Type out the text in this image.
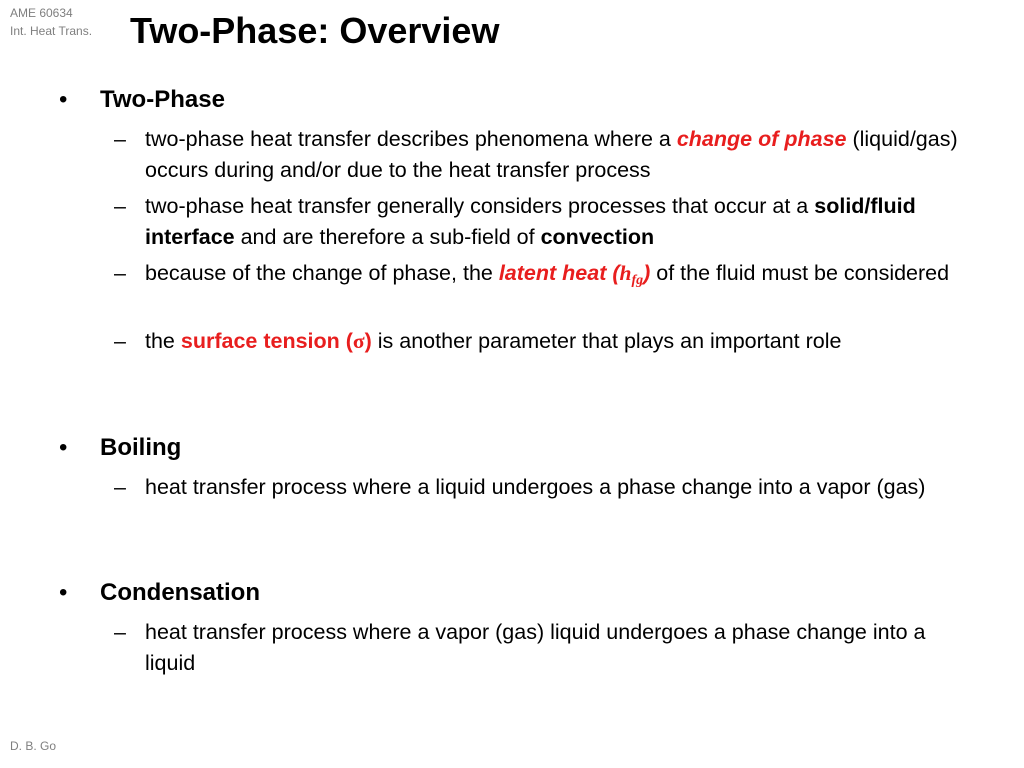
AME 60634
Int. Heat Trans. Two-Phase: Overview
• Two-Phase
– two-phase heat transfer describes phenomena where a change of phase (liquid/gas) occurs during and/or due to the heat transfer process
– two-phase heat transfer generally considers processes that occur at a solid/fluid interface and are therefore a sub-field of convection
– because of the change of phase, the latent heat $(h_{fg})$ of the fluid must be considered
– the surface tension (σ) is another parameter that plays an important role
• Boiling
– heat transfer process where a liquid undergoes a phase change into a vapor (gas)
• Condensation
– heat transfer process where a vapor (gas) liquid undergoes a phase change into a liquid
D. B. Go
